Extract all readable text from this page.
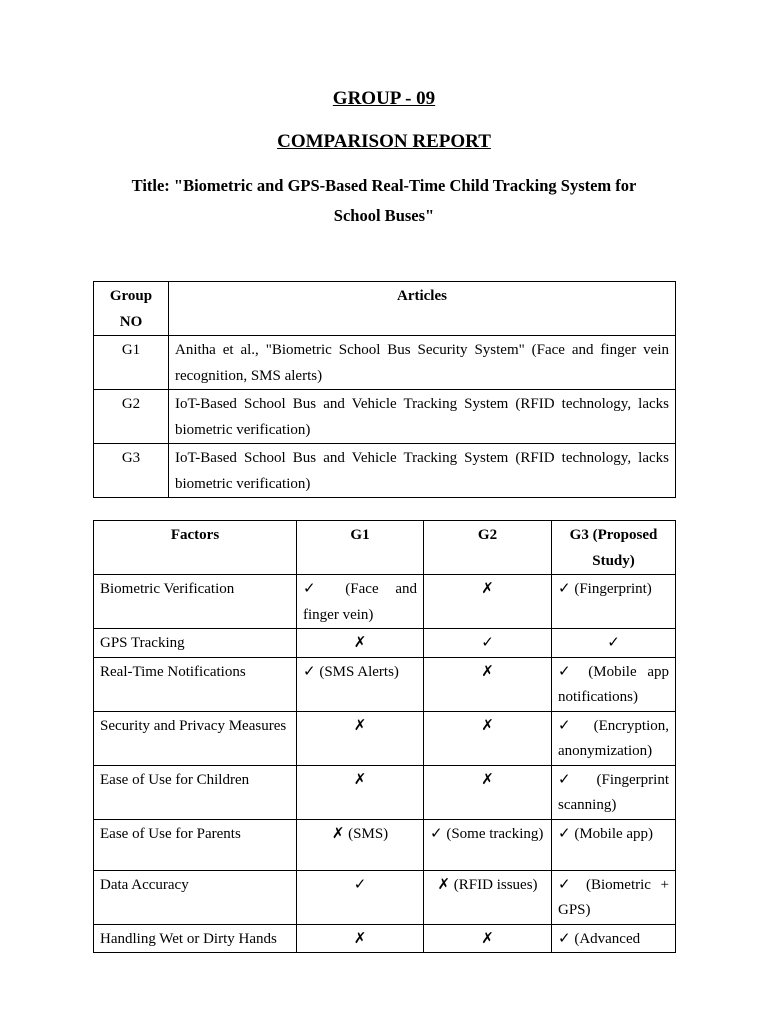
GROUP - 09
COMPARISON REPORT
Title: "Biometric and GPS-Based Real-Time Child Tracking System for
School Buses"
Group NO	Articles
G1	Anitha et al., "Biometric School Bus Security System" (Face and finger vein recognition, SMS alerts)
G2	IoT-Based School Bus and Vehicle Tracking System (RFID technology, lacks biometric verification)
G3	IoT-Based School Bus and Vehicle Tracking System (RFID technology, lacks biometric verification)
Factors	G1	G2	G3 (Proposed Study)
Biometric Verification	✓ (Face and finger vein)	✗	✓ (Fingerprint)
GPS Tracking	✗	✓	✓
Real-Time Notifications	✓ (SMS Alerts)	✗	✓ (Mobile app notifications)
Security and Privacy Measures	✗	✗	✓ (Encryption, anonymization)
Ease of Use for Children	✗	✗	✓ (Fingerprint scanning)
Ease of Use for Parents	✗ (SMS)	✓ (Some tracking)	✓ (Mobile app)
Data Accuracy	✓	✗ (RFID issues)	✓ (Biometric + GPS)
Handling Wet or Dirty Hands	✗	✗	✓ (Advanced
